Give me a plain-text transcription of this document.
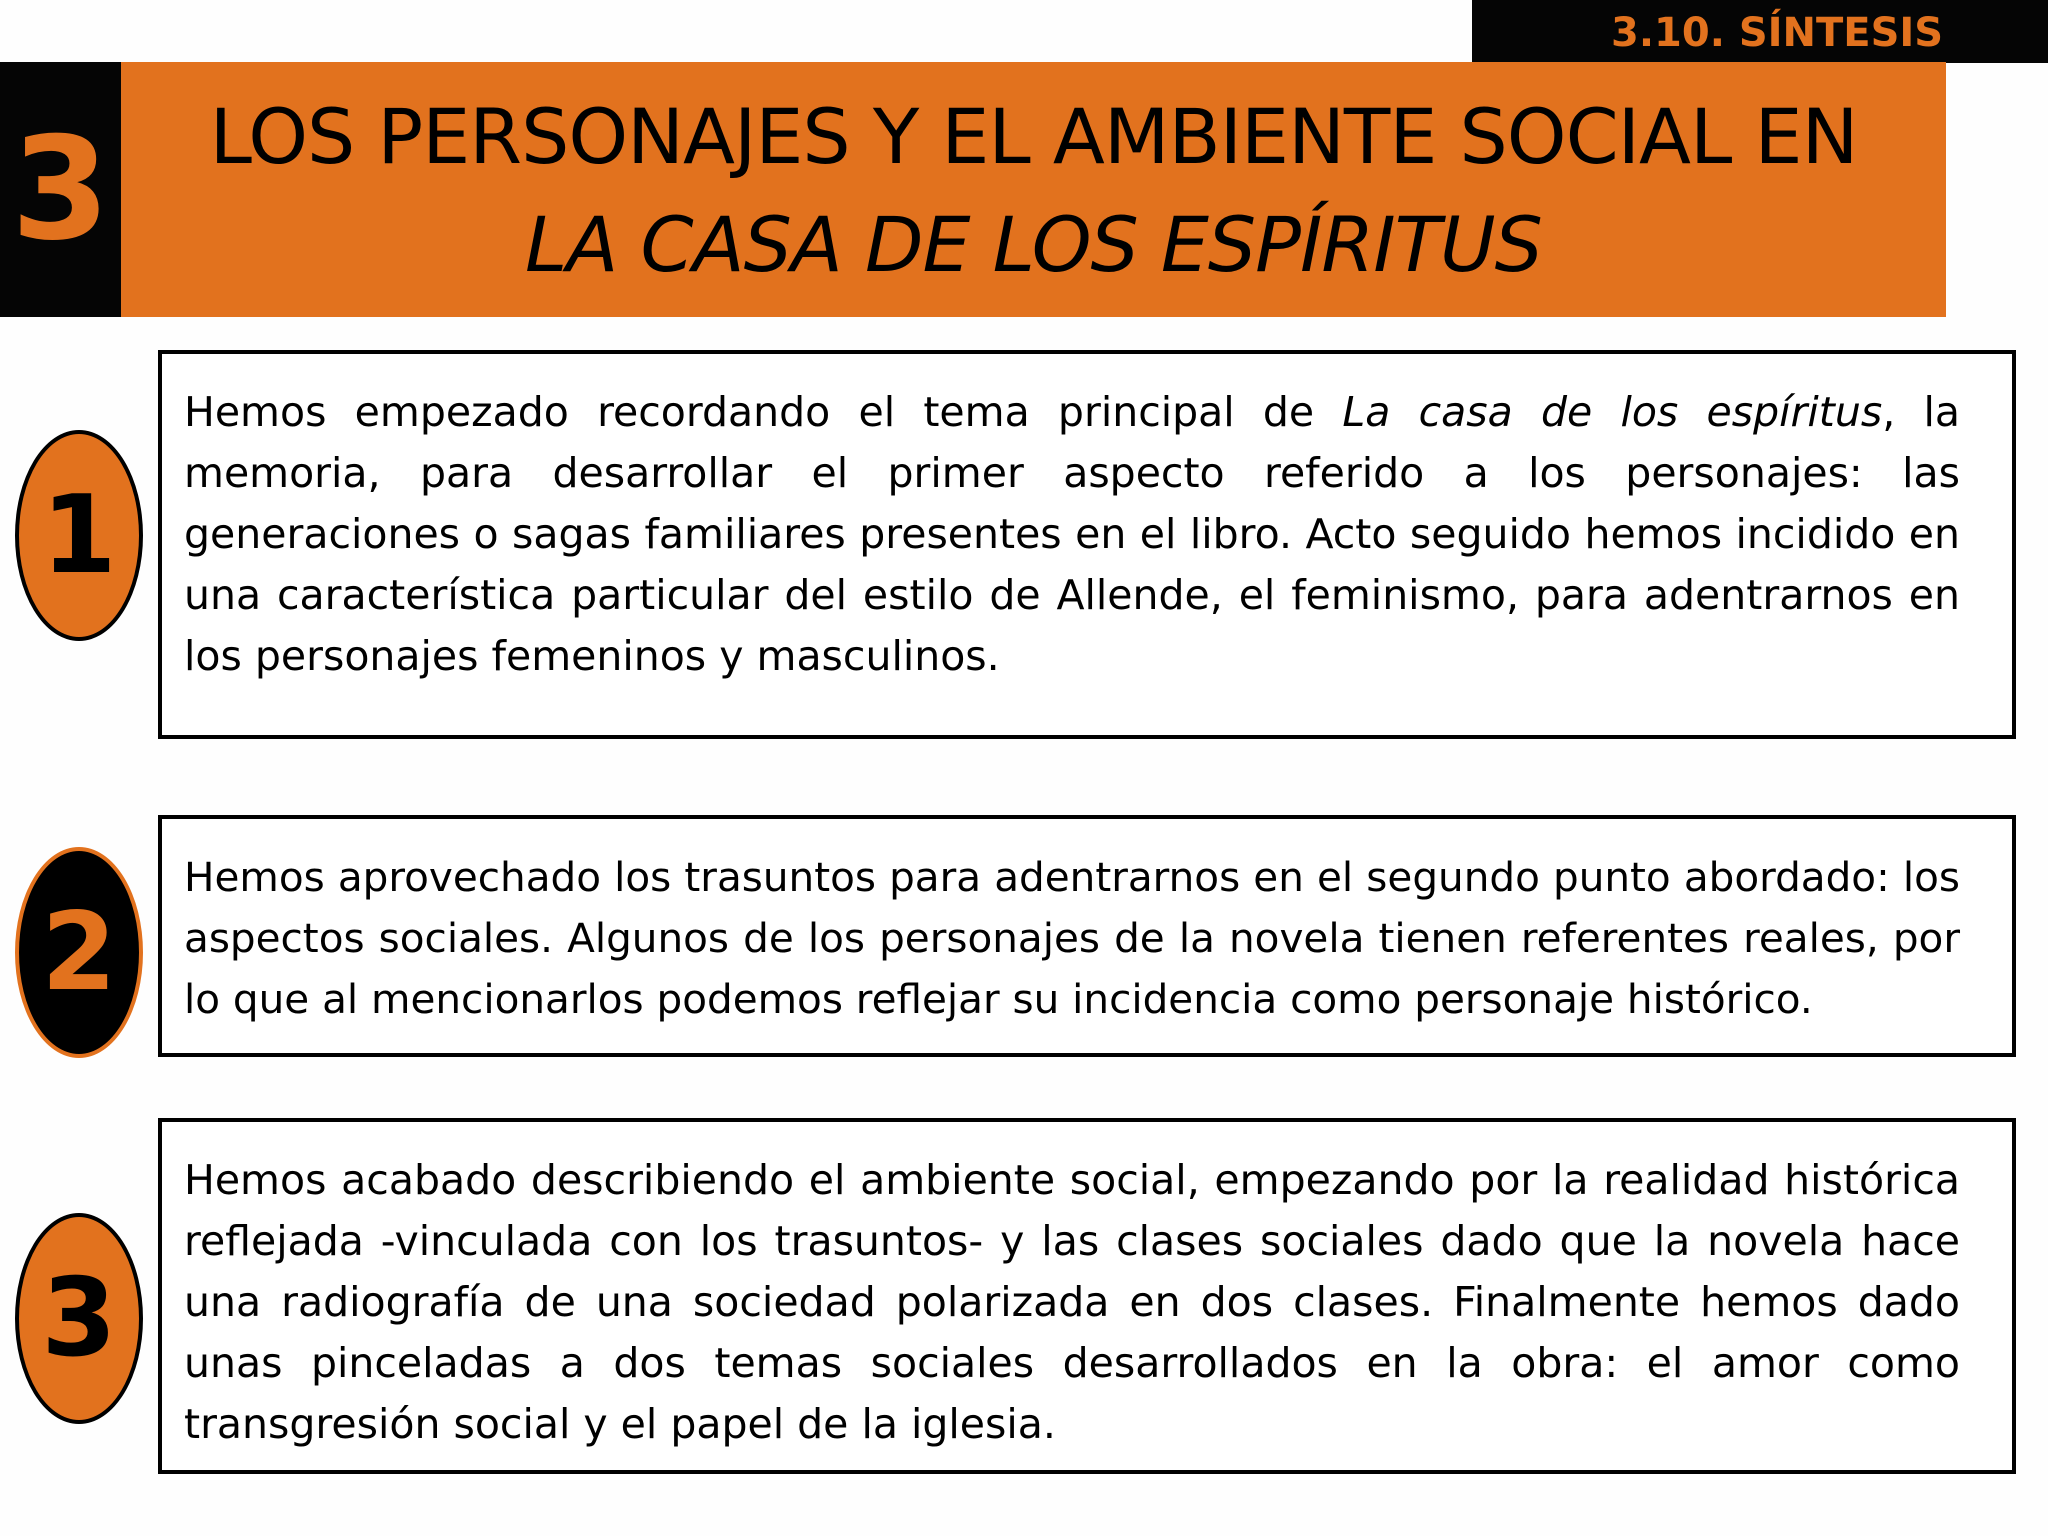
3.10. SÍNTESIS
3	LOS PERSONAJES Y EL AMBIENTE SOCIAL EN
LA CASA DE LOS ESPÍRITUS
1

Hemos empezado recordando el tema principal de La casa de los espíritus, la memoria, para desarrollar el primer aspecto referido a los personajes: las generaciones o sagas familiares presentes en el libro. Acto seguido hemos incidido en una característica particular del estilo de Allende, el feminismo, para adentrarnos en los personajes femeninos y masculinos.

2

Hemos aprovechado los trasuntos para adentrarnos en el segundo punto abordado: los aspectos sociales. Algunos de los personajes de la novela tienen referentes reales, por lo que al mencionarlos podemos reflejar su incidencia como personaje histórico.

3

Hemos acabado describiendo el ambiente social, empezando por la realidad histórica reflejada -vinculada con los trasuntos- y las clases sociales dado que la novela hace una radiografía de una sociedad polarizada en dos clases. Finalmente hemos dado unas pinceladas a dos temas sociales desarrollados en la obra: el amor como transgresión social y el papel de la iglesia.
